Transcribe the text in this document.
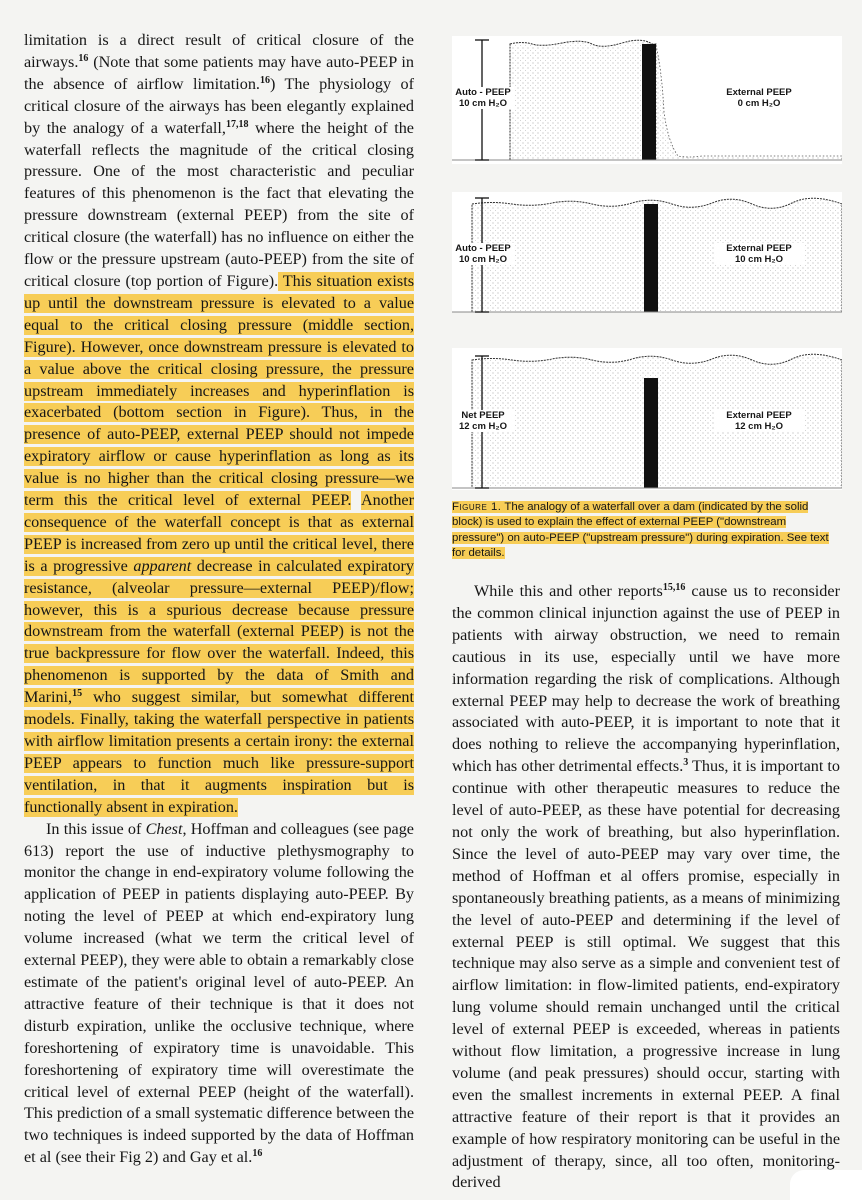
limitation is a direct result of critical closure of the airways.$^{16}$ (Note that some patients may have auto-PEEP in the absence of airflow limitation.$^{16}$) The physiology of critical closure of the airways has been elegantly explained by the analogy of a waterfall,$^{17,18}$ where the height of the waterfall reflects the magnitude of the critical closing pressure. One of the most characteristic and peculiar features of this phenomenon is the fact that elevating the pressure downstream (external PEEP) from the site of critical closure (the waterfall) has no influence on either the flow or the pressure upstream (auto-PEEP) from the site of critical closure (top portion of Figure). This situation exists up until the downstream pressure is elevated to a value equal to the critical closing pressure (middle section, Figure). However, once downstream pressure is elevated to a value above the critical closing pressure, the pressure upstream immediately increases and hyperinflation is exacerbated (bottom section in Figure). Thus, in the presence of auto-PEEP, external PEEP should not impede expiratory airflow or cause hyperinflation as long as its value is no higher than the critical closing pressure—we term this the critical level of external PEEP. Another consequence of the waterfall concept is that as external PEEP is increased from zero up until the critical level, there is a progressive apparent decrease in calculated expiratory resistance, (alveolar pressure—external PEEP)/flow; however, this is a spurious decrease because pressure downstream from the waterfall (external PEEP) is not the true backpressure for flow over the waterfall. Indeed, this phenomenon is supported by the data of Smith and Marini,$^{15}$ who suggest similar, but somewhat different models. Finally, taking the waterfall perspective in patients with airflow limitation presents a certain irony: the external PEEP appears to function much like pressure-support ventilation, in that it augments inspiration but is functionally absent in expiration.

In this issue of Chest, Hoffman and colleagues (see page 613) report the use of inductive plethysmography to monitor the change in end-expiratory volume following the application of PEEP in patients displaying auto-PEEP. By noting the level of PEEP at which end-expiratory lung volume increased (what we term the critical level of external PEEP), they were able to obtain a remarkably close estimate of the patient's original level of auto-PEEP. An attractive feature of their technique is that it does not disturb expiration, unlike the occlusive technique, where foreshortening of expiratory time is unavoidable. This foreshortening of expiratory time will overestimate the critical level of external PEEP (height of the waterfall). This prediction of a small systematic difference between the two techniques is indeed supported by the data of Hoffman et al (see their Fig 2) and Gay et al.$^{16}$

Auto - PEEP
10 cm H₂O
External PEEP
0 cm H₂O
Auto - PEEP
10 cm H₂O
External PEEP
10 cm H₂O
Net PEEP
12 cm H₂O
External PEEP
12 cm H₂O
Figure 1. The analogy of a waterfall over a dam (indicated by the solid block) is used to explain the effect of external PEEP ("downstream pressure") on auto-PEEP ("upstream pressure") during expiration. See text for details.

While this and other reports$^{15,16}$ cause us to reconsider the common clinical injunction against the use of PEEP in patients with airway obstruction, we need to remain cautious in its use, especially until we have more information regarding the risk of complications. Although external PEEP may help to decrease the work of breathing associated with auto-PEEP, it is important to note that it does nothing to relieve the accompanying hyperinflation, which has other detrimental effects.$^3$ Thus, it is important to continue with other therapeutic measures to reduce the level of auto-PEEP, as these have potential for decreasing not only the work of breathing, but also hyperinflation. Since the level of auto-PEEP may vary over time, the method of Hoffman et al offers promise, especially in spontaneously breathing patients, as a means of minimizing the level of auto-PEEP and determining if the level of external PEEP is still optimal. We suggest that this technique may also serve as a simple and convenient test of airflow limitation: in flow-limited patients, end-expiratory lung volume should remain unchanged until the critical level of external PEEP is exceeded, whereas in patients without flow limitation, a progressive increase in lung volume (and peak pressures) should occur, starting with even the smallest increments in external PEEP. A final attractive feature of their report is that it provides an example of how respiratory monitoring can be useful in the adjustment of therapy, since, all too often, monitoring-derived
